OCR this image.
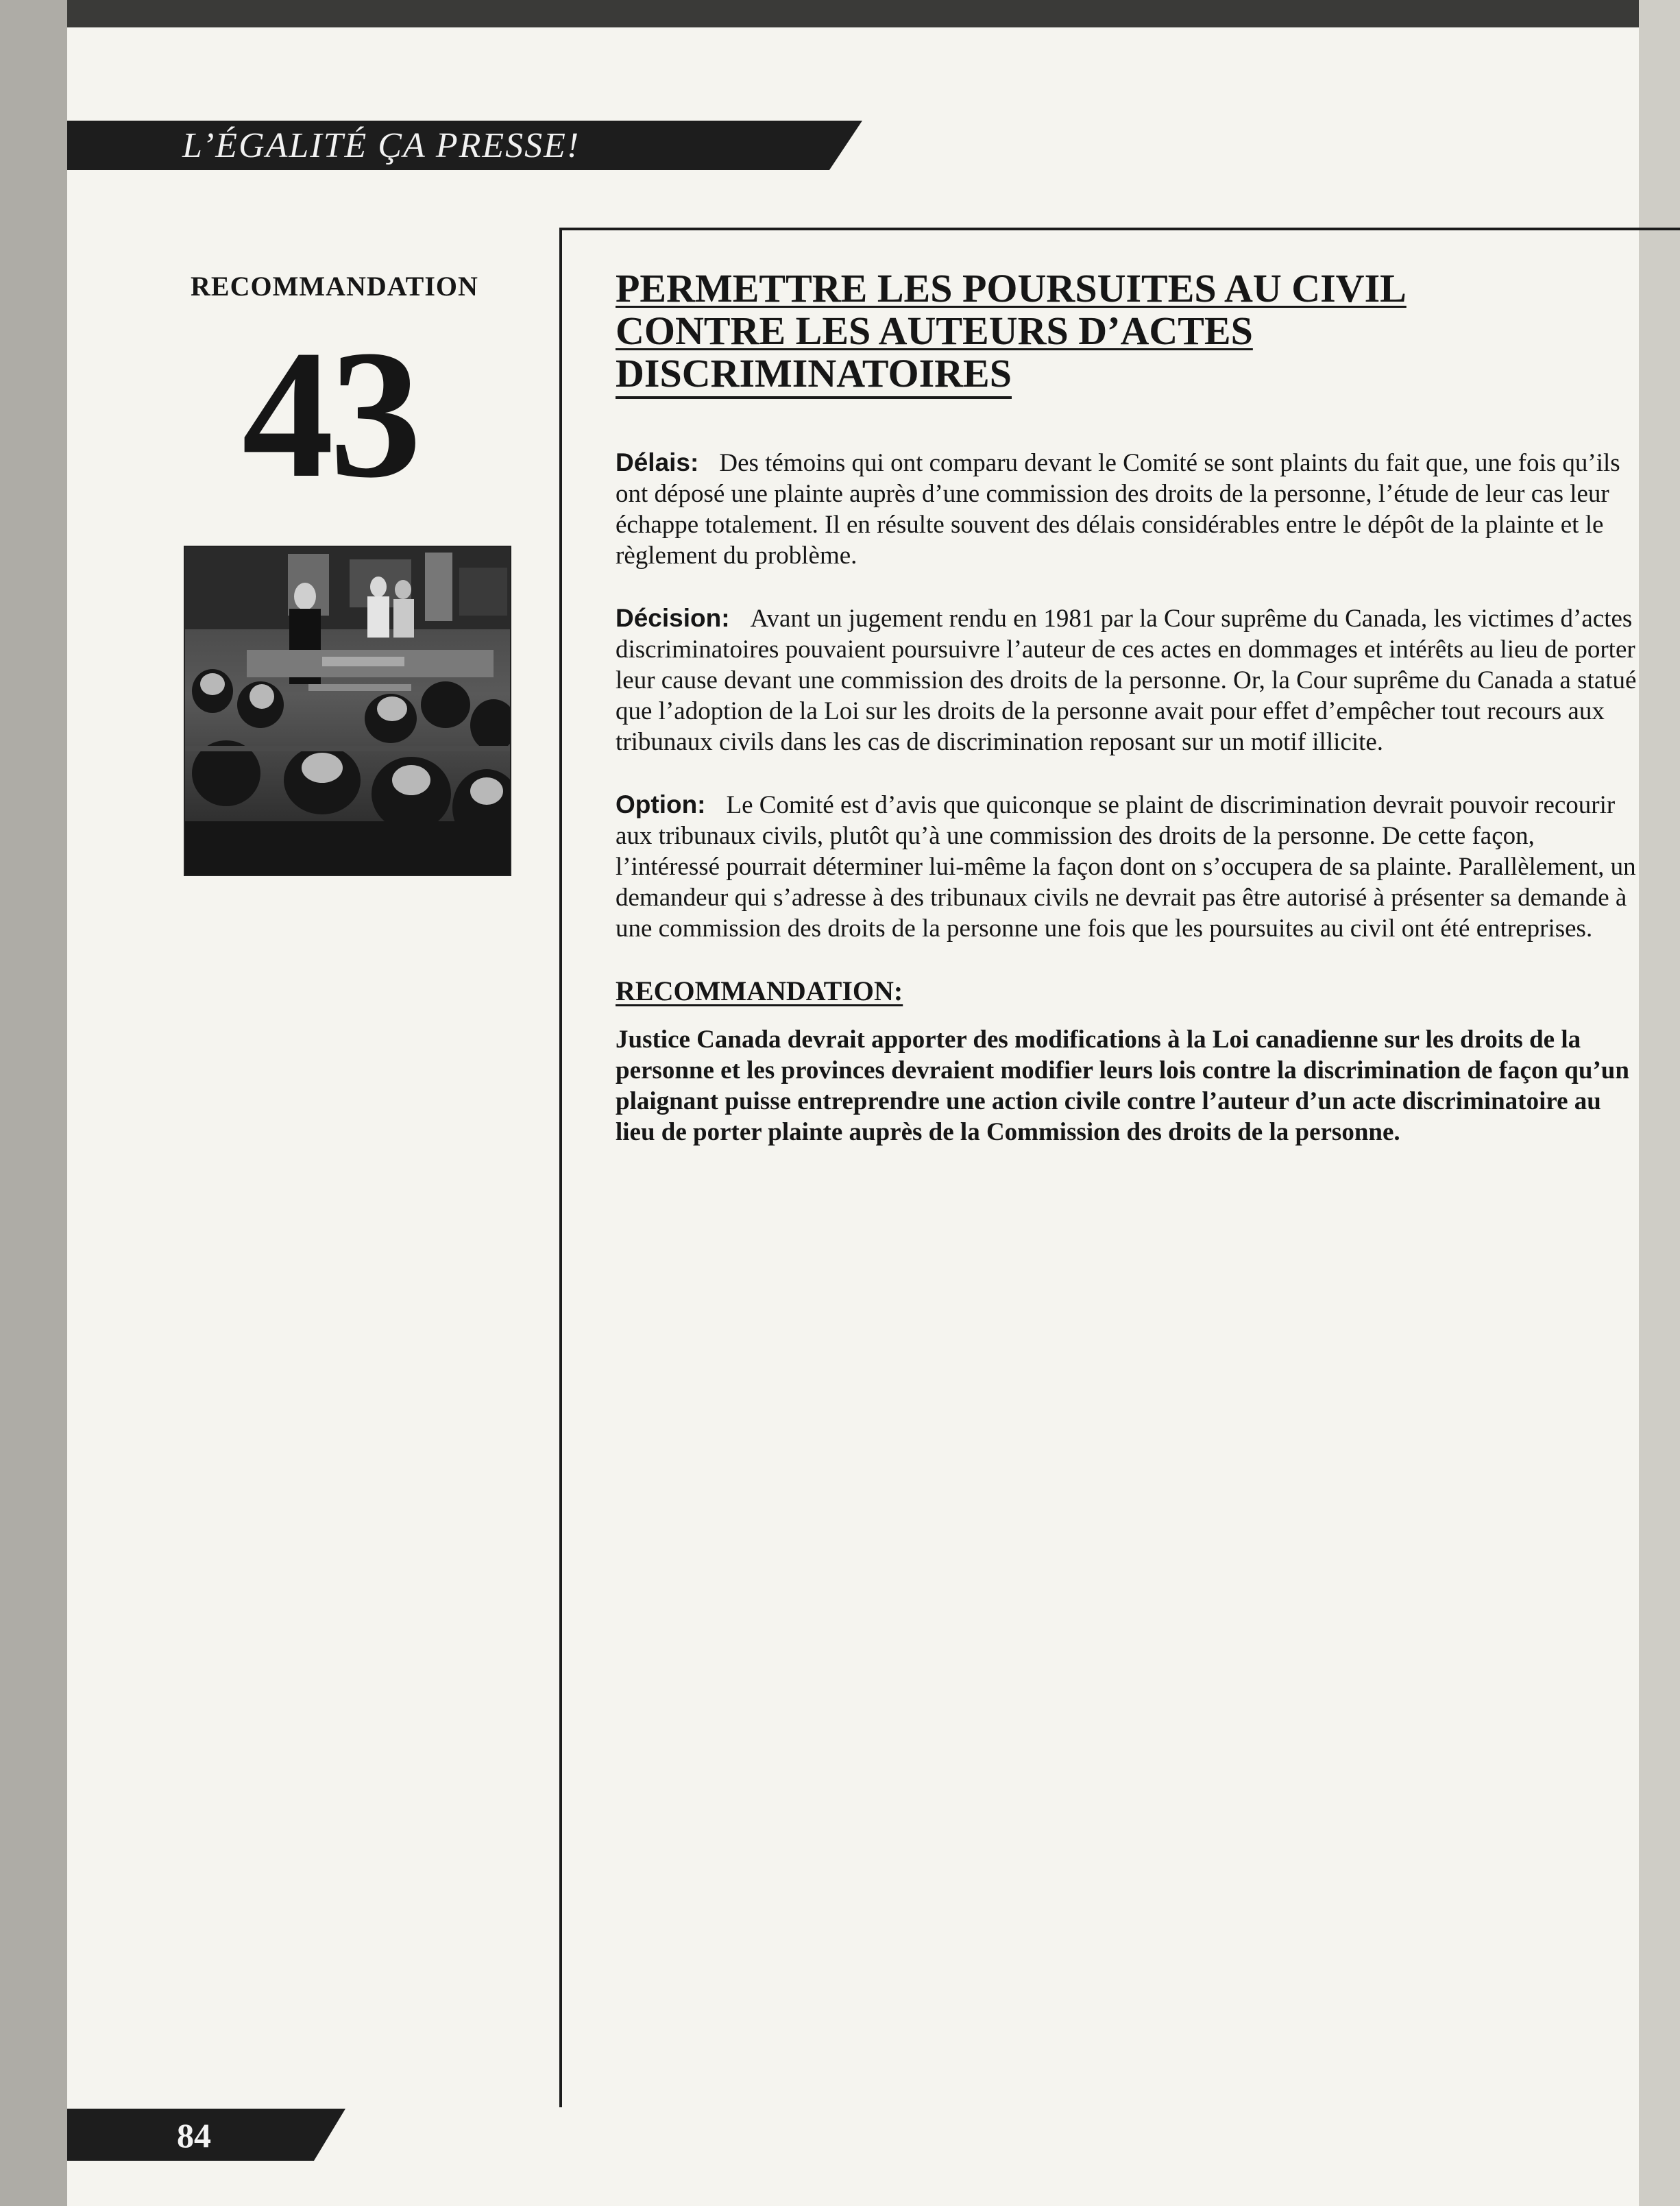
L’ÉGALITÉ ÇA PRESSE!
RECOMMANDATION
43
PERMETTRE LES POURSUITES AU CIVIL
CONTRE LES AUTEURS D’ACTES
DISCRIMINATOIRES

Délais: Des témoins qui ont comparu devant le Comité se sont plaints du fait que, une fois qu’ils ont déposé une plainte auprès d’une commission des droits de la personne, l’étude de leur cas leur échappe totalement. Il en résulte souvent des délais considérables entre le dépôt de la plainte et le règlement du problème.

Décision: Avant un jugement rendu en 1981 par la Cour suprême du Canada, les victimes d’actes discriminatoires pouvaient poursuivre l’auteur de ces actes en dommages et intérêts au lieu de porter leur cause devant une commission des droits de la personne. Or, la Cour suprême du Canada a statué que l’adoption de la Loi sur les droits de la personne avait pour effet d’empêcher tout recours aux tribunaux civils dans les cas de discrimination reposant sur un motif illicite.

Option: Le Comité est d’avis que quiconque se plaint de discrimination devrait pouvoir recourir aux tribunaux civils, plutôt qu’à une commission des droits de la personne. De cette façon, l’intéressé pourrait déterminer lui-même la façon dont on s’occupera de sa plainte. Parallèlement, un demandeur qui s’adresse à des tribunaux civils ne devrait pas être autorisé à présenter sa demande à une commission des droits de la personne une fois que les poursuites au civil ont été entreprises.

RECOMMANDATION:

Justice Canada devrait apporter des modifications à la Loi canadienne sur les droits de la personne et les provinces devraient modifier leurs lois contre la discrimination de façon qu’un plaignant puisse entreprendre une action civile contre l’auteur d’un acte discriminatoire au lieu de porter plainte auprès de la Commission des droits de la personne.

84
